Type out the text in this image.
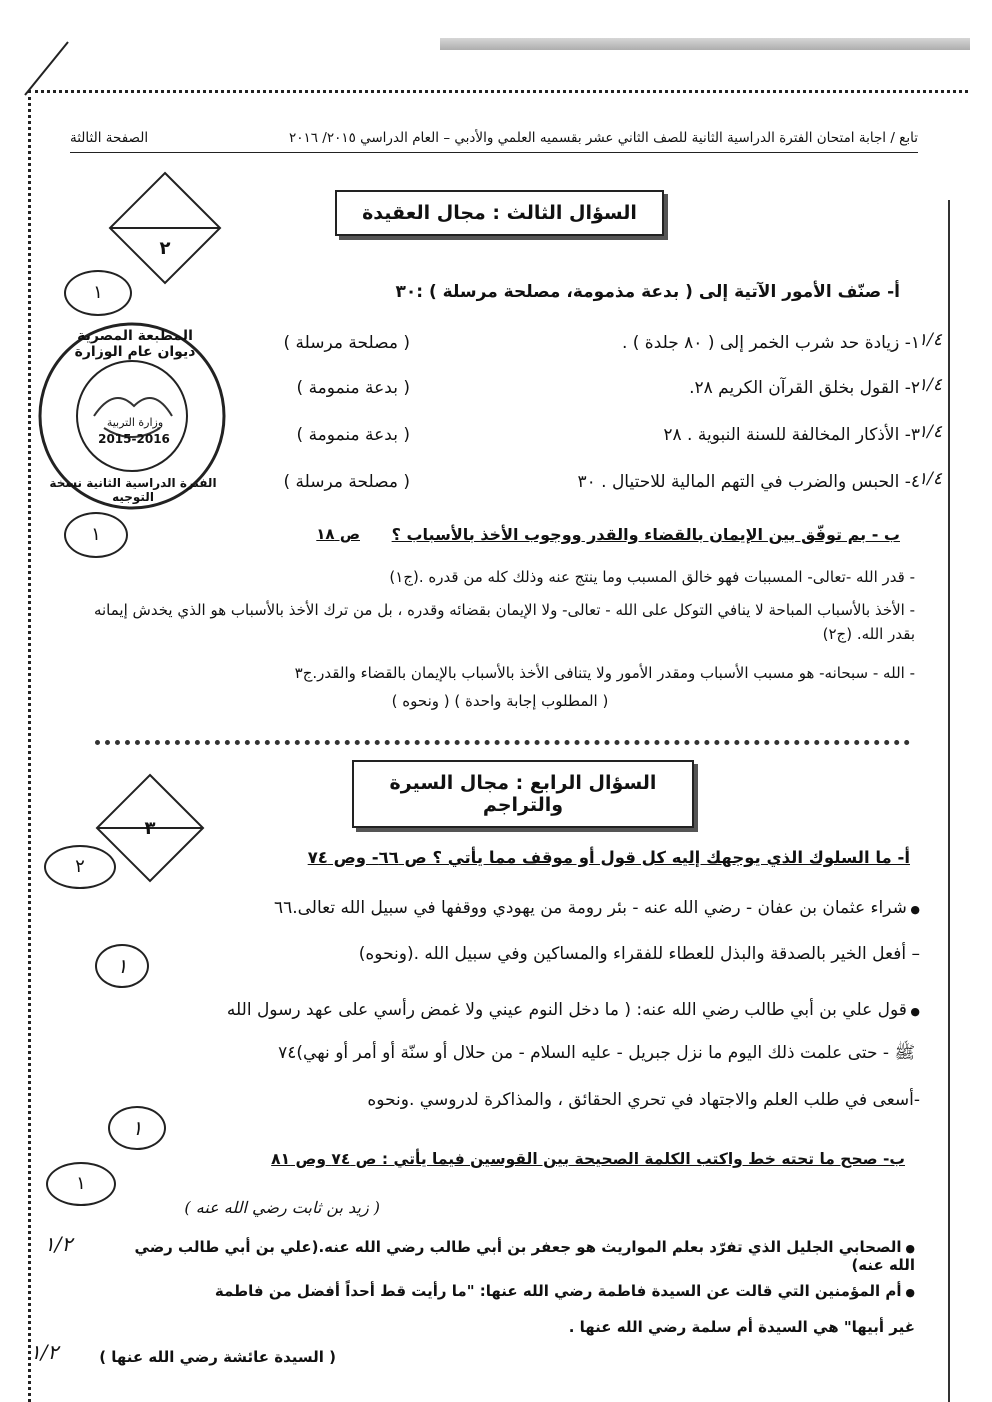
تابع / اجابة امتحان الفترة الدراسية الثانية للصف الثاني عشر بقسميه العلمي والأدبي – العام الدراسي ٢٠١٥/ ٢٠١٦
الصفحة الثالثة
٢
السؤال الثالث : مجال العقيدة
١
المطبعة المصرية ديوان عام الوزارة
وزارة التربية
2015-2016
الفترة الدراسية الثانية نسخة التوجيه
١
أ- صنّف الأمور الآتية إلى ( بدعة مذمومة، مصلحة مرسلة ) :٣٠
١- زيادة حد شرب الخمر إلى ( ٨٠ جلدة ) .
( مصلحة مرسلة )	١/٤
٢- القول بخلق القرآن الكريم ٢٨.
( بدعة منمومة )	١/٤
٣- الأذكار المخالفة للسنة النبوية . ٢٨
( بدعة منمومة )	١/٤
٤- الحبس والضرب في التهم المالية للاحتيال . ٣٠
( مصلحة مرسلة )	١/٤
ب - بم توفّق بين الإيمان بالقضاء والقدر ووجوب الأخذ بالأسباب ؟
ص ١٨
- قدر الله -تعالى- المسببات فهو خالق المسبب وما ينتج عنه وذلك كله من قدره .(ج١)
- الأخذ بالأسباب المباحة لا ينافي التوكل على الله - تعالى- ولا الإيمان بقضائه وقدره ، بل من ترك الأخذ بالأسباب هو الذي يخدش إيمانه بقدر الله. (ج٢)
- الله - سبحانه- هو مسبب الأسباب ومقدر الأمور ولا يتنافى الأخذ بالأسباب بالإيمان بالقضاء والقدر.ج٣
( المطلوب إجابة واحدة ) ( ونحوه )
٣
السؤال الرابع : مجال السيرة والتراجم
٢	أ- ما السلوك الذي يوجهك إليه كل قول أو موقف مما يأتي ؟ ص ٦٦- وص ٧٤
● شراء عثمان بن عفان - رضي الله عنه - بئر رومة من يهودي ووقفها في سبيل الله تعالى.٦٦
– أفعل الخير بالصدقة والبذل للعطاء للفقراء والمساكين وفي سبيل الله .(ونحوه)
١
● قول علي بن أبي طالب رضي الله عنه: ( ما دخل النوم عيني ولا غمض رأسي على عهد رسول الله
ﷺ - حتى علمت ذلك اليوم ما نزل جبريل - عليه السلام - من حلال أو سنّة أو أمر أو نهي)٧٤
-أسعى في طلب العلم والاجتهاد في تحري الحقائق ، والمذاكرة لدروسي .ونحوه
١
ب- صحح ما تحته خط واكتب الكلمة الصحيحة بين القوسين فيما يأتي : ص ٧٤ وص ٨١
١
( زيد بن ثابت رضي الله عنه )
● الصحابي الجليل الذي تفرّد بعلم المواريث هو جعفر بن أبي طالب رضي الله عنه.(علي بن أبي طالب رضي الله عنه)
١/٢
● أم المؤمنين التي قالت عن السيدة فاطمة رضي الله عنها: "ما رأيت قط أحداً أفضل من فاطمة
غير أبيها" هي السيدة أم سلمة رضي الله عنها .
( السيدة عائشة رضي الله عنها )
١/٢
